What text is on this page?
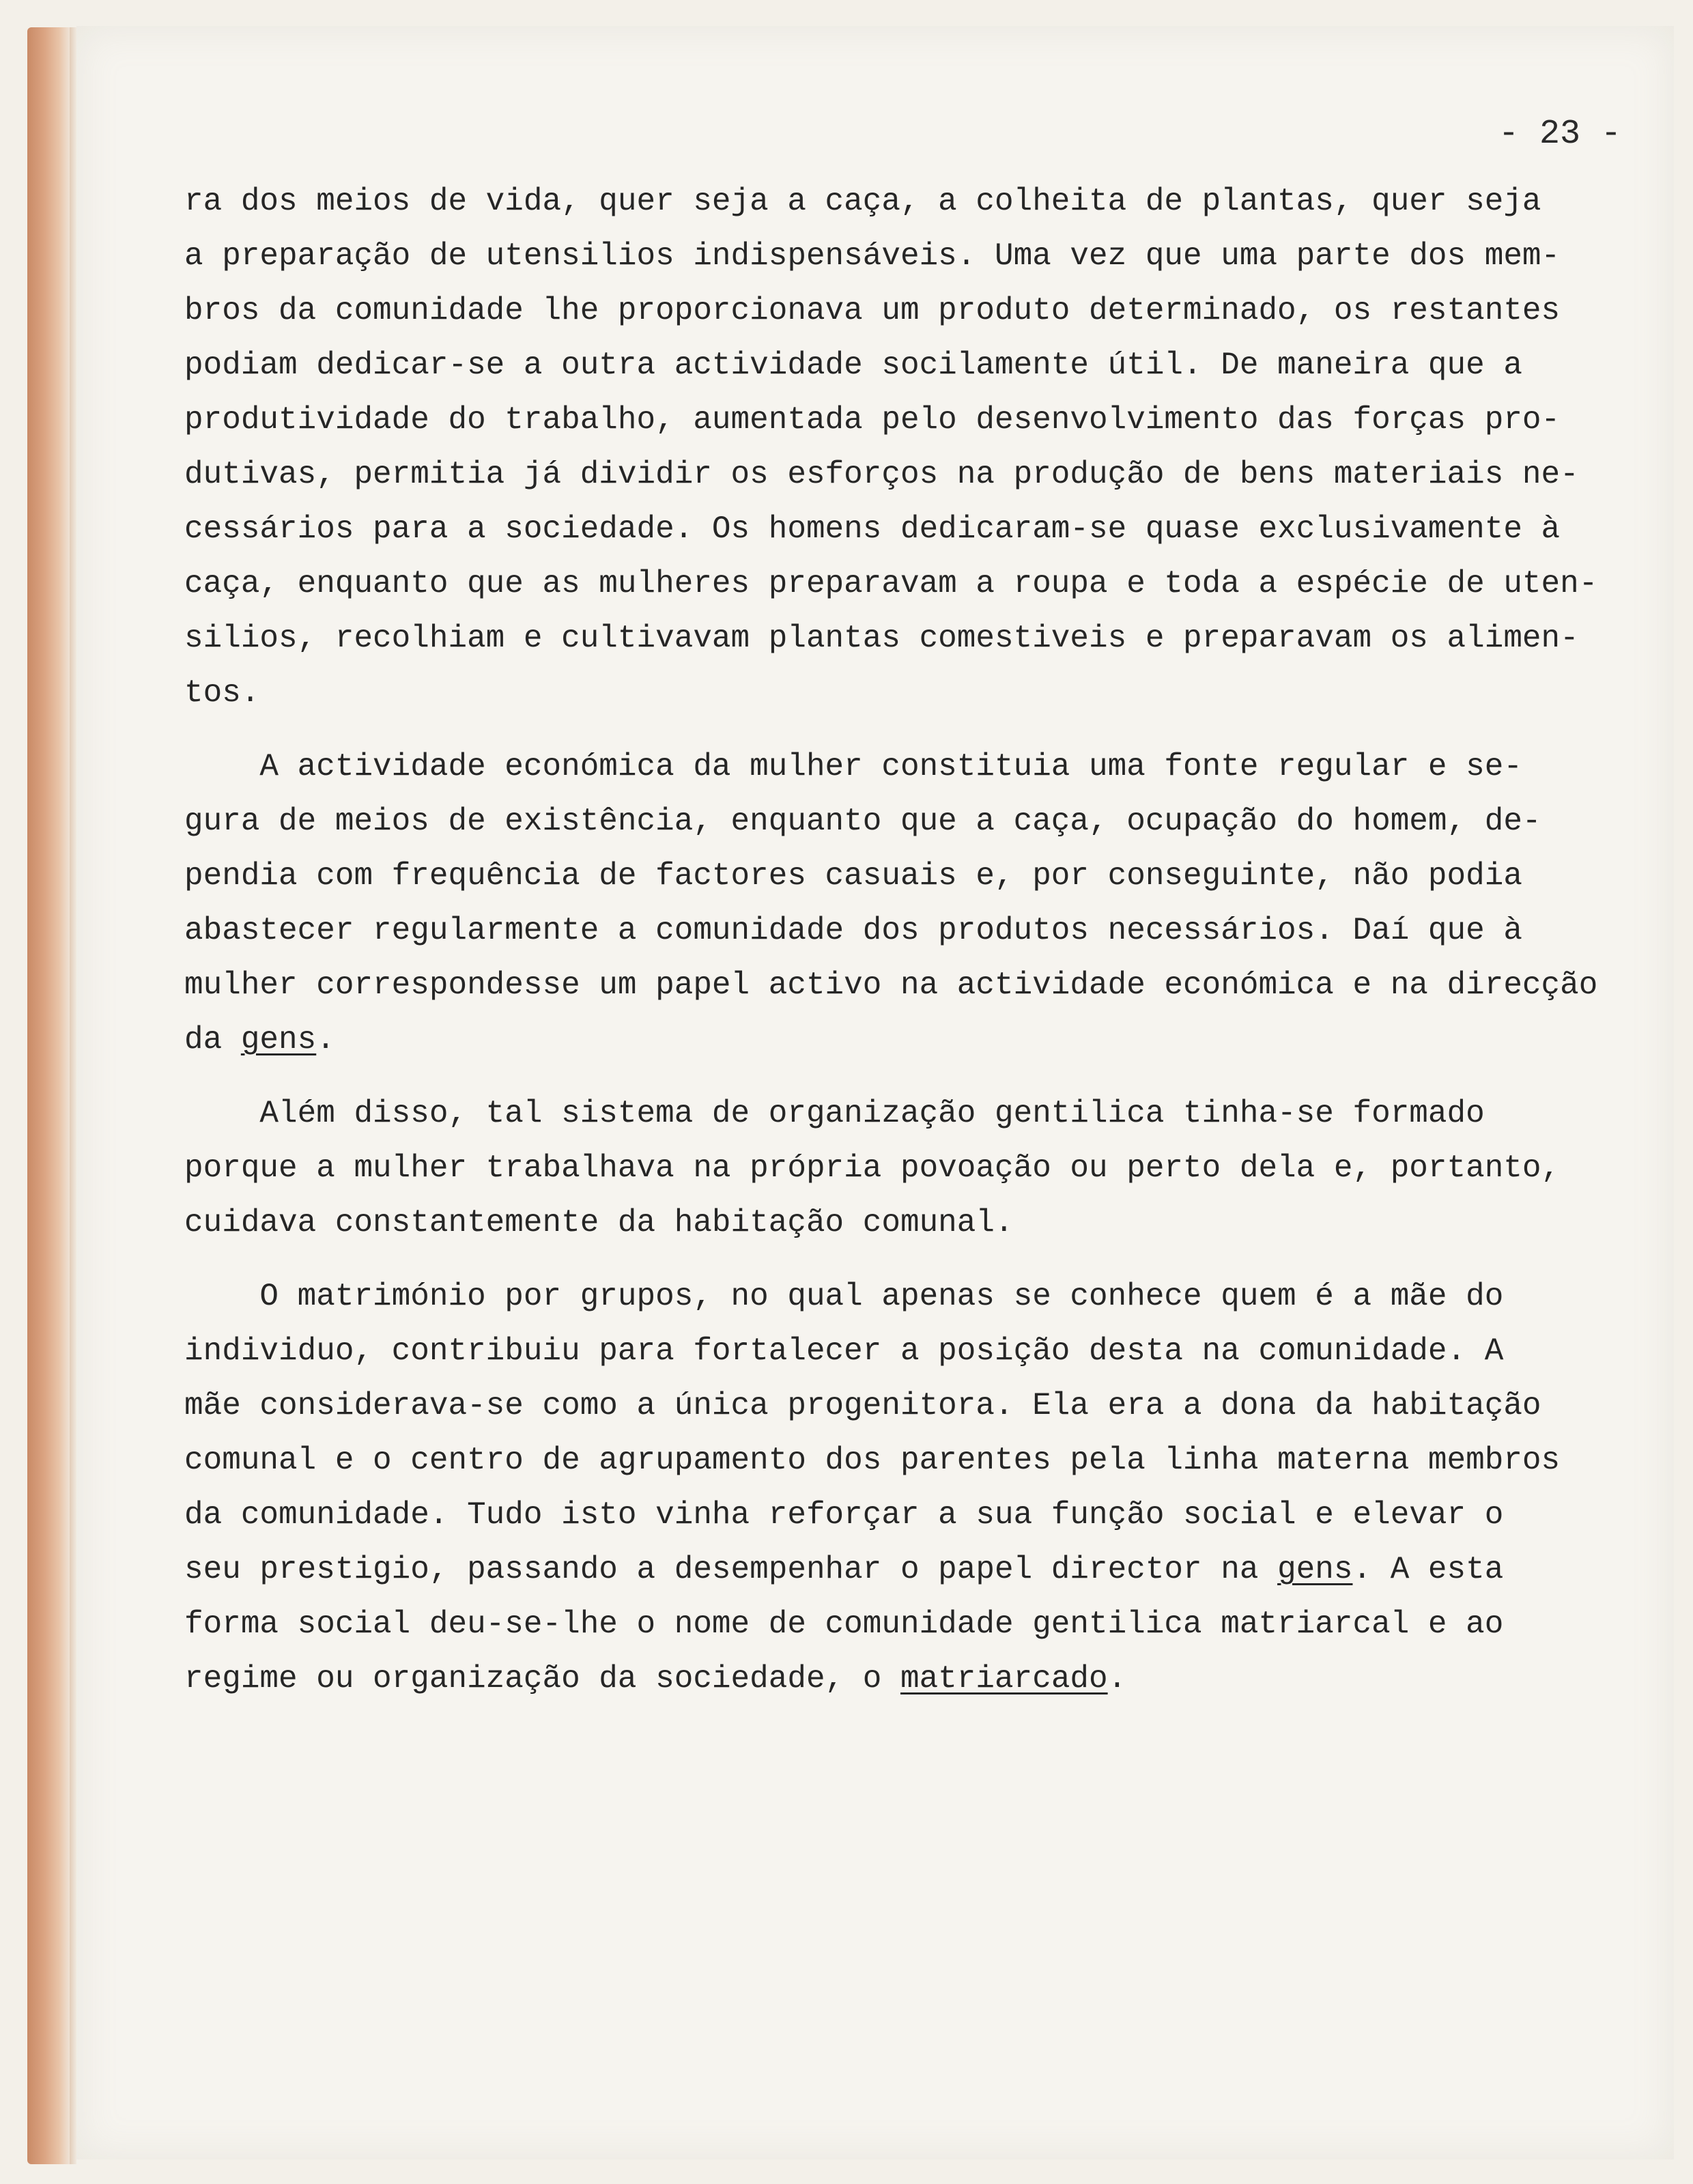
- 23 -
ra dos meios de vida, quer seja a caça, a colheita de plantas, quer seja
a preparação de utensilios indispensáveis. Uma vez que uma parte dos mem-
bros da comunidade lhe proporcionava um produto determinado, os restantes
podiam dedicar-se a outra actividade socilamente útil. De maneira que a
produtividade do trabalho, aumentada pelo desenvolvimento das forças pro-
dutivas, permitia já dividir os esforços na produção de bens materiais ne-
cessários para a sociedade. Os homens dedicaram-se quase exclusivamente à
caça, enquanto que as mulheres preparavam a roupa e toda a espécie de uten-
silios, recolhiam e cultivavam plantas comestiveis e preparavam os alimen-
tos.
A actividade económica da mulher constituia uma fonte regular e se-
gura de meios de existência, enquanto que a caça, ocupação do homem, de-
pendia com frequência de factores casuais e, por conseguinte, não podia
abastecer regularmente a comunidade dos produtos necessários. Daí que à
mulher correspondesse um papel activo na actividade económica e na direcção
da gens.
Além disso, tal sistema de organização gentilica tinha-se formado
porque a mulher trabalhava na própria povoação ou perto dela e, portanto,
cuidava constantemente da habitação comunal.
O matrimónio por grupos, no qual apenas se conhece quem é a mãe do
individuo, contribuiu para fortalecer a posição desta na comunidade. A
mãe considerava-se como a única progenitora. Ela era a dona da habitação
comunal e o centro de agrupamento dos parentes pela linha materna membros
da comunidade. Tudo isto vinha reforçar a sua função social e elevar o
seu prestigio, passando a desempenhar o papel director na gens. A esta
forma social deu-se-lhe o nome de comunidade gentilica matriarcal e ao
regime ou organização da sociedade, o matriarcado.
